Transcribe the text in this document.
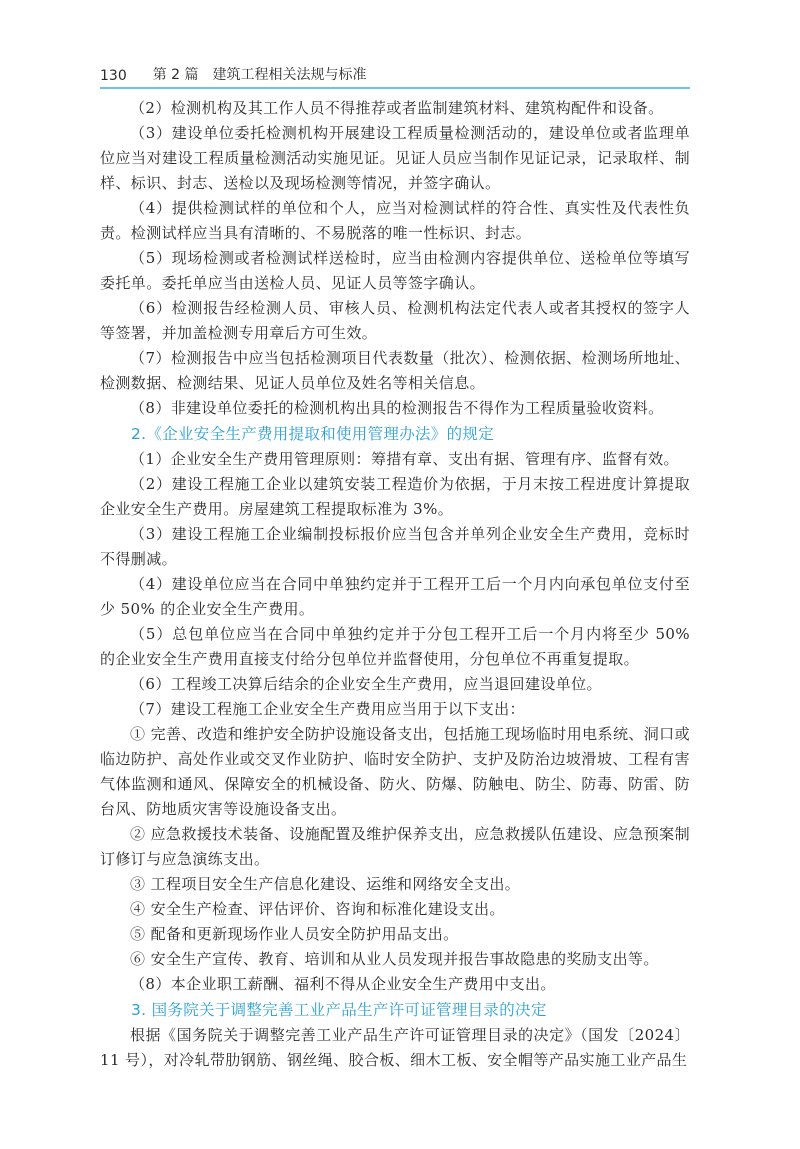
130 第 2 篇 建筑工程相关法规与标准

（2）检测机构及其工作人员不得推荐或者监制建筑材料、建筑构配件和设备。

（3）建设单位委托检测机构开展建设工程质量检测活动的，建设单位或者监理单位应当对建设工程质量检测活动实施见证。见证人员应当制作见证记录，记录取样、制样、标识、封志、送检以及现场检测等情况，并签字确认。

（4）提供检测试样的单位和个人，应当对检测试样的符合性、真实性及代表性负责。检测试样应当具有清晰的、不易脱落的唯一性标识、封志。

（5）现场检测或者检测试样送检时，应当由检测内容提供单位、送检单位等填写委托单。委托单应当由送检人员、见证人员等签字确认。

（6）检测报告经检测人员、审核人员、检测机构法定代表人或者其授权的签字人等签署，并加盖检测专用章后方可生效。

（7）检测报告中应当包括检测项目代表数量（批次）、检测依据、检测场所地址、检测数据、检测结果、见证人员单位及姓名等相关信息。

（8）非建设单位委托的检测机构出具的检测报告不得作为工程质量验收资料。

2.《企业安全生产费用提取和使用管理办法》的规定

（1）企业安全生产费用管理原则：筹措有章、支出有据、管理有序、监督有效。

（2）建设工程施工企业以建筑安装工程造价为依据，于月末按工程进度计算提取企业安全生产费用。房屋建筑工程提取标准为 3%。

（3）建设工程施工企业编制投标报价应当包含并单列企业安全生产费用，竞标时不得删减。

（4）建设单位应当在合同中单独约定并于工程开工后一个月内向承包单位支付至少 50% 的企业安全生产费用。

（5）总包单位应当在合同中单独约定并于分包工程开工后一个月内将至少 50% 的企业安全生产费用直接支付给分包单位并监督使用，分包单位不再重复提取。

（6）工程竣工决算后结余的企业安全生产费用，应当退回建设单位。

（7）建设工程施工企业安全生产费用应当用于以下支出：

① 完善、改造和维护安全防护设施设备支出，包括施工现场临时用电系统、洞口或临边防护、高处作业或交叉作业防护、临时安全防护、支护及防治边坡滑坡、工程有害气体监测和通风、保障安全的机械设备、防火、防爆、防触电、防尘、防毒、防雷、防台风、防地质灾害等设施设备支出。

② 应急救援技术装备、设施配置及维护保养支出，应急救援队伍建设、应急预案制订修订与应急演练支出。

③ 工程项目安全生产信息化建设、运维和网络安全支出。

④ 安全生产检查、评估评价、咨询和标准化建设支出。

⑤ 配备和更新现场作业人员安全防护用品支出。

⑥ 安全生产宣传、教育、培训和从业人员发现并报告事故隐患的奖励支出等。

（8）本企业职工薪酬、福利不得从企业安全生产费用中支出。

3. 国务院关于调整完善工业产品生产许可证管理目录的决定

根据《国务院关于调整完善工业产品生产许可证管理目录的决定》（国发〔2024〕11 号），对冷轧带肋钢筋、钢丝绳、胶合板、细木工板、安全帽等产品实施工业产品生
